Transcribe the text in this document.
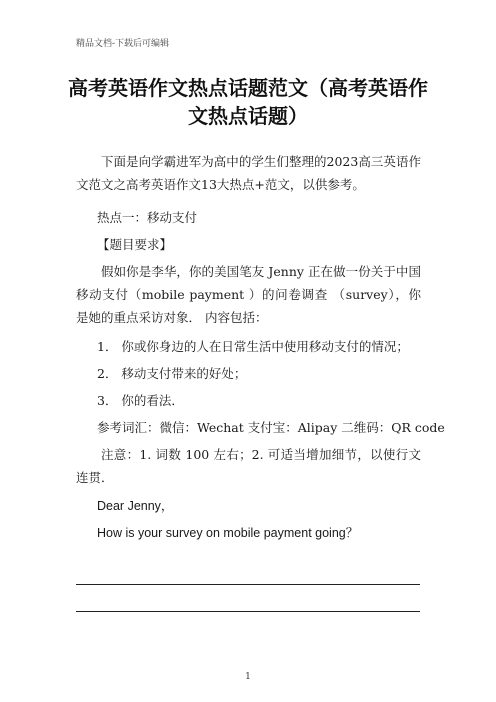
精品文档-下载后可编辑
高考英语作文热点话题范文（高考英语作文热点话题）
下面是向学霸进军为高中的学生们整理的2023高三英语作文范文之高考英语作文13大热点+范文，以供参考。
热点一：移动支付
【题目要求】
假如你是李华，你的美国笔友 Jenny 正在做一份关于中国移动支付（mobile payment ）的问卷调查 （survey），你是她的重点采访对象． 内容包括：
1． 你或你身边的人在日常生活中使用移动支付的情况；
2． 移动支付带来的好处；
3． 你的看法．
参考词汇：微信：Wechat 支付宝：Alipay 二维码：QR code
注意：1. 词数 100 左右；2. 可适当增加细节，以使行文连贯．
Dear Jenny，
How is your survey on mobile payment going？
1
